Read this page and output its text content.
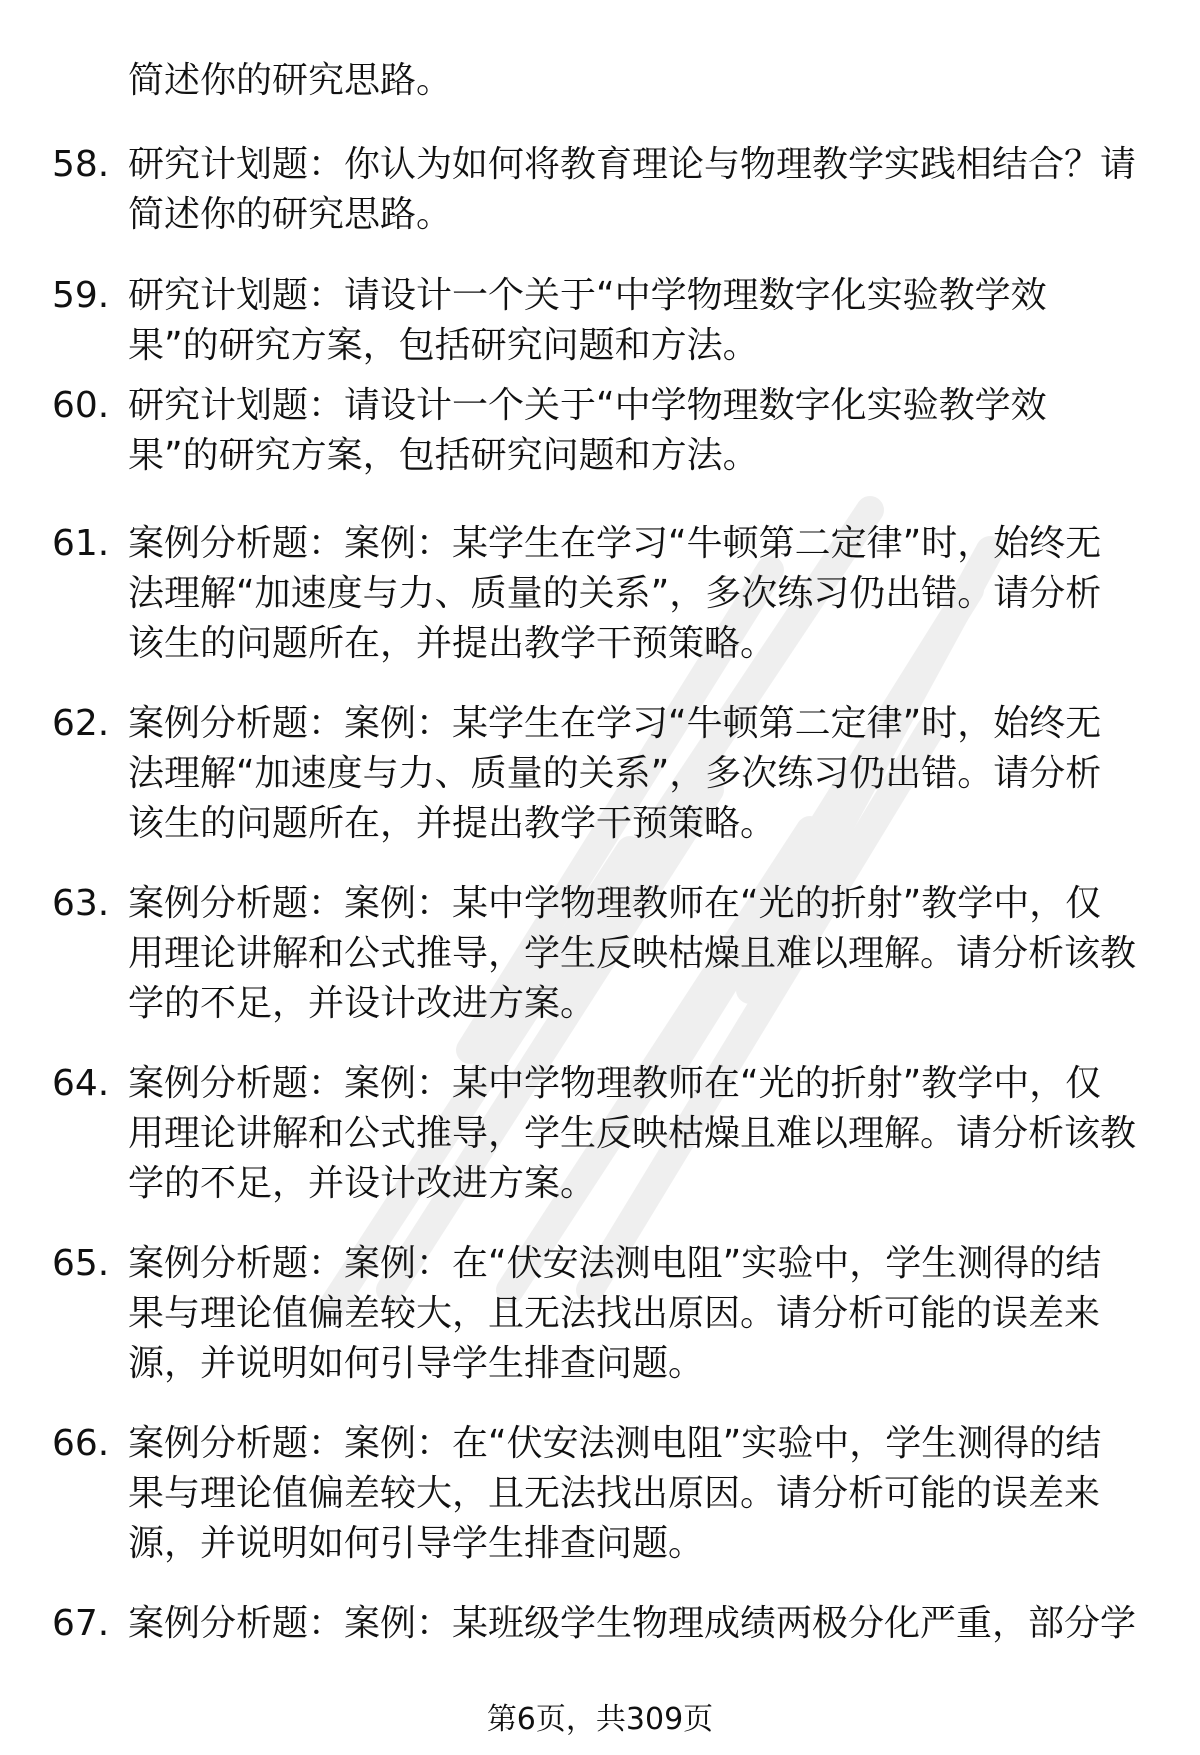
简述你的研究思路。
58. 研究计划题：你认为如何将教育理论与物理教学实践相结合？请
简述你的研究思路。
59. 研究计划题：请设计一个关于“中学物理数字化实验教学效
果”的研究方案，包括研究问题和方法。
60. 研究计划题：请设计一个关于“中学物理数字化实验教学效
果”的研究方案，包括研究问题和方法。
61. 案例分析题：案例：某学生在学习“牛顿第二定律”时，始终无
法理解“加速度与力、质量的关系”，多次练习仍出错。请分析
该生的问题所在，并提出教学干预策略。
62. 案例分析题：案例：某学生在学习“牛顿第二定律”时，始终无
法理解“加速度与力、质量的关系”，多次练习仍出错。请分析
该生的问题所在，并提出教学干预策略。
63. 案例分析题：案例：某中学物理教师在“光的折射”教学中，仅
用理论讲解和公式推导，学生反映枯燥且难以理解。请分析该教
学的不足，并设计改进方案。
64. 案例分析题：案例：某中学物理教师在“光的折射”教学中，仅
用理论讲解和公式推导，学生反映枯燥且难以理解。请分析该教
学的不足，并设计改进方案。
65. 案例分析题：案例：在“伏安法测电阻”实验中，学生测得的结
果与理论值偏差较大，且无法找出原因。请分析可能的误差来
源，并说明如何引导学生排查问题。
66. 案例分析题：案例：在“伏安法测电阻”实验中，学生测得的结
果与理论值偏差较大，且无法找出原因。请分析可能的误差来
源，并说明如何引导学生排查问题。
67. 案例分析题：案例：某班级学生物理成绩两极分化严重，部分学
第6页，共309页
